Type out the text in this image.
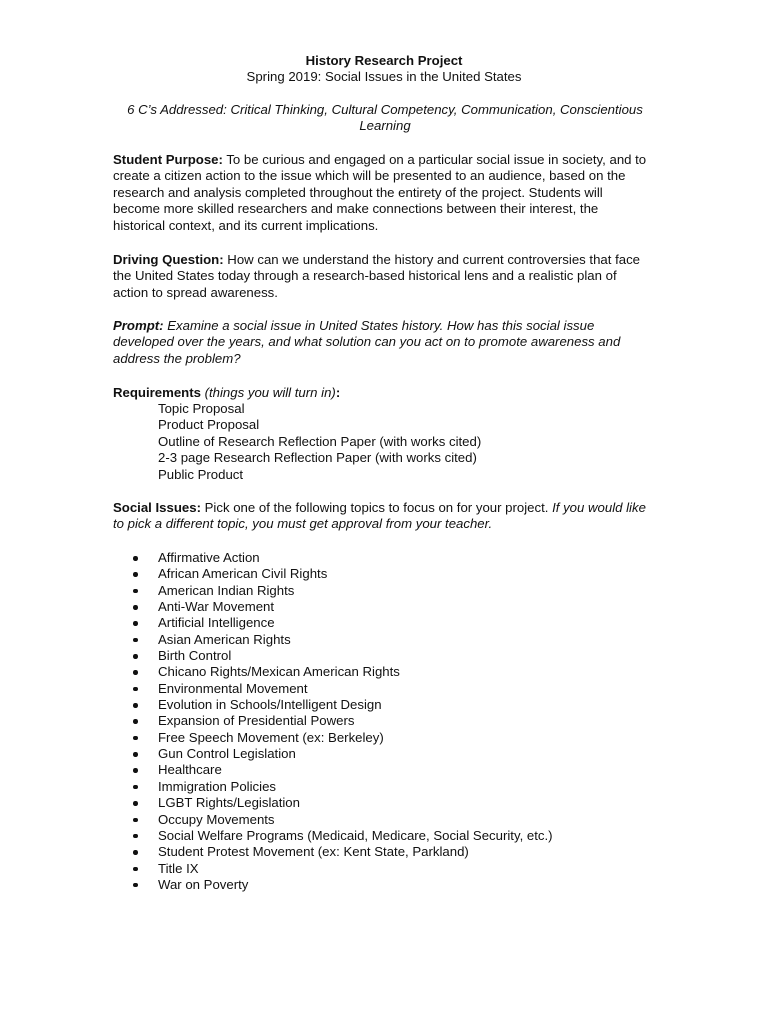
History Research Project
Spring 2019: Social Issues in the United States
6 C’s Addressed: Critical Thinking, Cultural Competency, Communication, Conscientious Learning
Student Purpose: To be curious and engaged on a particular social issue in society, and to create a citizen action to the issue which will be presented to an audience, based on the research and analysis completed throughout the entirety of the project. Students will become more skilled researchers and make connections between their interest, the historical context, and its current implications.
Driving Question: How can we understand the history and current controversies that face the United States today through a research-based historical lens and a realistic plan of action to spread awareness.
Prompt: Examine a social issue in United States history. How has this social issue developed over the years, and what solution can you act on to promote awareness and address the problem?
Requirements (things you will turn in):
Topic Proposal
Product Proposal
Outline of Research Reflection Paper (with works cited)
2-3 page Research Reflection Paper (with works cited)
Public Product
Social Issues: Pick one of the following topics to focus on for your project. If you would like to pick a different topic, you must get approval from your teacher.
Affirmative Action
African American Civil Rights
American Indian Rights
Anti-War Movement
Artificial Intelligence
Asian American Rights
Birth Control
Chicano Rights/Mexican American Rights
Environmental Movement
Evolution in Schools/Intelligent Design
Expansion of Presidential Powers
Free Speech Movement (ex: Berkeley)
Gun Control Legislation
Healthcare
Immigration Policies
LGBT Rights/Legislation
Occupy Movements
Social Welfare Programs (Medicaid, Medicare, Social Security, etc.)
Student Protest Movement (ex: Kent State, Parkland)
Title IX
War on Poverty
